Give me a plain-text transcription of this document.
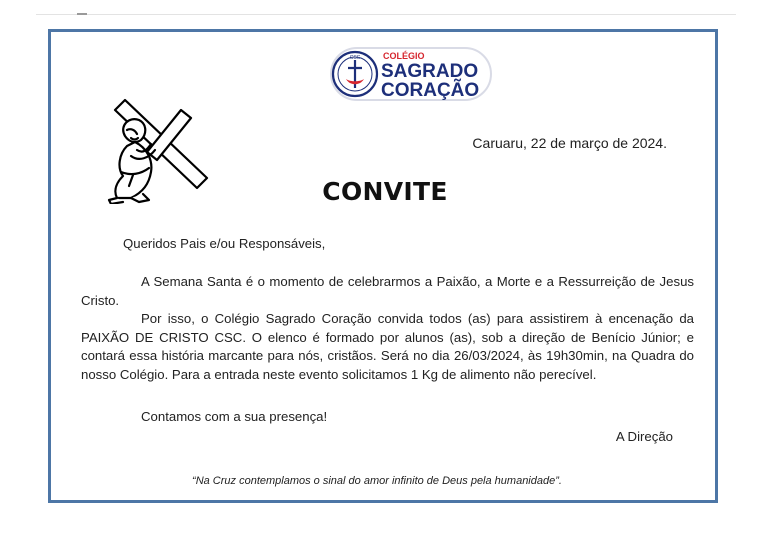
CSC	COLÉGIO
SAGRADO
CORAÇÃO
Caruaru, 22 de março de 2024.
CONVITE
Queridos Pais e/ou Responsáveis,

A Semana Santa é o momento de celebrarmos a Paixão, a Morte e a Ressurreição de Jesus Cristo.

Por isso, o Colégio Sagrado Coração convida todos (as) para assistirem à encenação da PAIXÃO DE CRISTO CSC. O elenco é formado por alunos (as), sob a direção de Benício Júnior; e contará essa história marcante para nós, cristãos. Será no dia 26/03/2024, às 19h30min, na Quadra do nosso Colégio. Para a entrada neste evento solicitamos 1 Kg de alimento não perecível.

Contamos com a sua presença!
A Direção
“Na Cruz contemplamos o sinal do amor infinito de Deus pela humanidade”.
